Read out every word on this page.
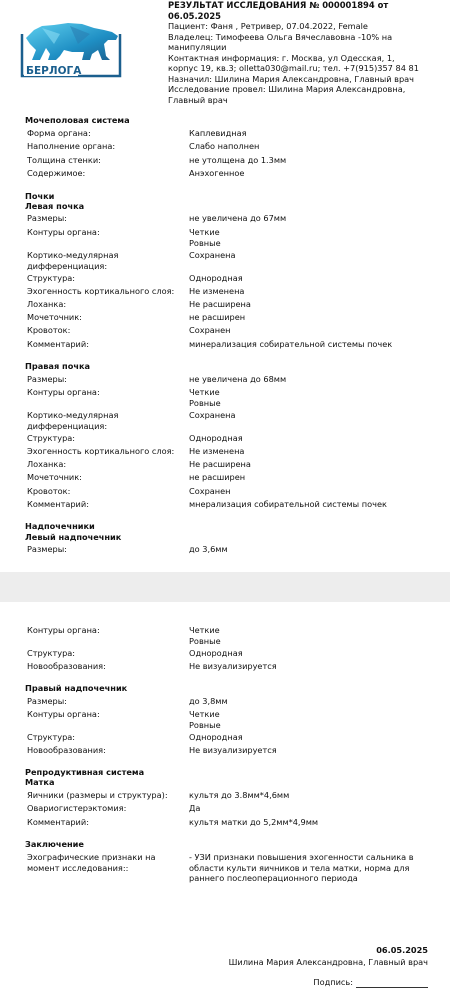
БЕРЛОГА
РЕЗУЛЬТАТ ИССЛЕДОВАНИЯ № 000001894 от
06.05.2025
Пациент: Фаня , Ретривер, 07.04.2022, Female
Владелец: Тимофеева Ольга Вячеславовна -10% на
манипуляции
Контактная информация: г. Москва, ул Одесская, 1,
корпус 19, кв.3; olletta030@mail.ru; тел. +7(915)357 84 81
Назначил: Шилина Мария Александровна, Главный врач
Исследование провел: Шилина Мария Александровна,
Главный врач
Мочеполовая система
Форма органа:	Каплевидная
Наполнение органа:	Слабо наполнен
Толщина стенки:	не утолщена до 1.3мм
Содержимое:	Анэхогенное
Почки
Левая почка
Размеры:	не увеличена до 67мм
Контуры органа:	Четкие
Ровные
Кортико-медулярная
дифференциация:
Сохранена
Структура:	Однородная
Эхогенность кортикального слоя:	Не изменена
Лоханка:	Не расширена
Мочеточник:	не расширен
Кровоток:	Сохранен
Комментарий:	минерализация собирательной системы почек
Правая почка
Размеры:	не увеличена до 68мм
Контуры органа:	Четкие
Ровные
Кортико-медулярная
дифференциация:
Сохранена
Структура:	Однородная
Эхогенность кортикального слоя:	Не изменена
Лоханка:	Не расширена
Мочеточник:	не расширен
Кровоток:	Сохранен
Комментарий:	мнерализация собирательной системы почек
Надпочечники
Левый надпочечник
Размеры:	до 3,6мм
Контуры органа:	Четкие
Ровные
Структура:	Однородная
Новообразования:	Не визуализируется
Правый надпочечник
Размеры:	до 3,8мм
Контуры органа:	Четкие
Ровные
Структура:	Однородная
Новообразования:	Не визуализируется
Репродуктивная система
Матка
Яичники (размеры и структура):	культя до 3.8мм*4,6мм
Овариогистерэктомия:	Да
Комментарий:	культя матки до 5,2мм*4,9мм
Заключение
Эхографические признаки на
момент исследования::
- УЗИ признаки повышения эхогенности сальника в
области культи яичников и тела матки, норма для
раннего послеоперационного периода
06.05.2025
Шилина Мария Александровна, Главный врач
Подпись:
